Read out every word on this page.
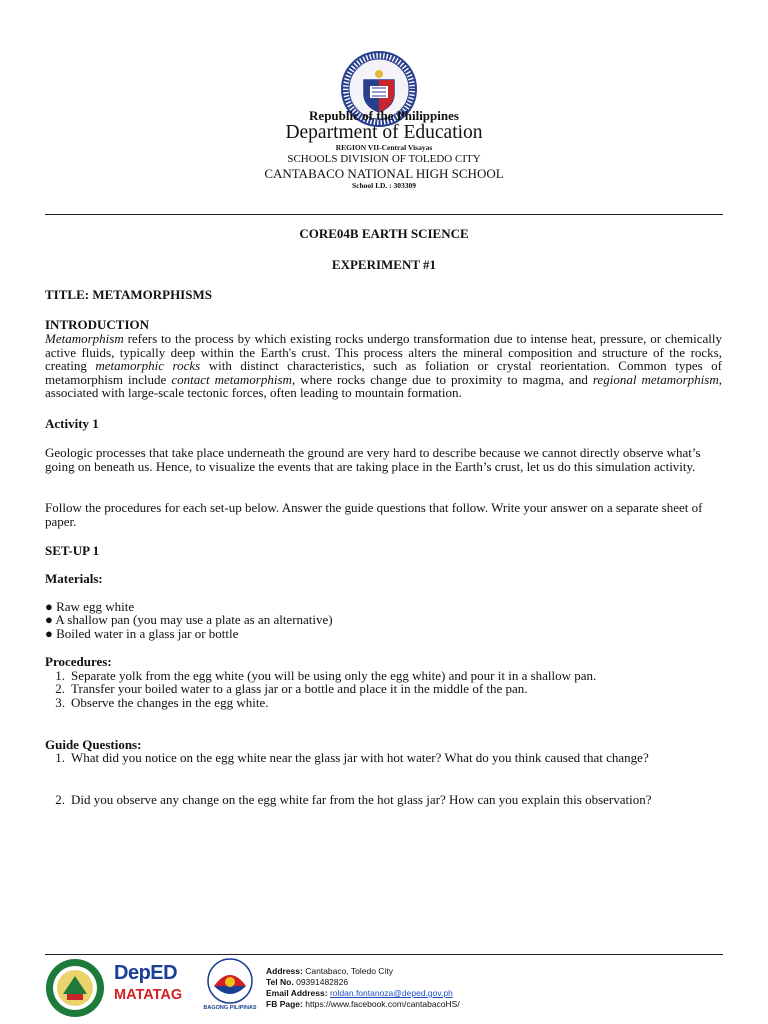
Republic of the Philippines
Department of Education
REGION VII-Central Visayas
SCHOOLS DIVISION OF TOLEDO CITY
CANTABACO NATIONAL HIGH SCHOOL
School I.D. : 303309
CORE04B EARTH SCIENCE
EXPERIMENT #1
TITLE: METAMORPHISMS
INTRODUCTION
Metamorphism refers to the process by which existing rocks undergo transformation due to intense heat, pressure, or chemically active fluids, typically deep within the Earth's crust. This process alters the mineral composition and structure of the rocks, creating metamorphic rocks with distinct characteristics, such as foliation or crystal reorientation. Common types of metamorphism include contact metamorphism, where rocks change due to proximity to magma, and regional metamorphism, associated with large-scale tectonic forces, often leading to mountain formation.
Activity 1
Geologic processes that take place underneath the ground are very hard to describe because we cannot directly observe what’s going on beneath us. Hence, to visualize the events that are taking place in the Earth’s crust, let us do this simulation activity.
Follow the procedures for each set-up below. Answer the guide questions that follow. Write your answer on a separate sheet of paper.
SET-UP 1
Materials:
● Raw egg white
● A shallow pan (you may use a plate as an alternative)
● Boiled water in a glass jar or bottle
Procedures:
1. Separate yolk from the egg white (you will be using only the egg white) and pour it in a shallow pan.
2. Transfer your boiled water to a glass jar or a bottle and place it in the middle of the pan.
3. Observe the changes in the egg white.
Guide Questions:
1. What did you notice on the egg white near the glass jar with hot water? What do you think caused that change?
2. Did you observe any change on the egg white far from the hot glass jar? How can you explain this observation?
DepED
MATATAG
BAGONG PILIPINAS
Address: Cantabaco, Toledo City
Tel No. 09391482826
Email Address: roldan.fontanoza@deped.gov.ph
FB Page: https://www.facebook.com/cantabacoHS/
